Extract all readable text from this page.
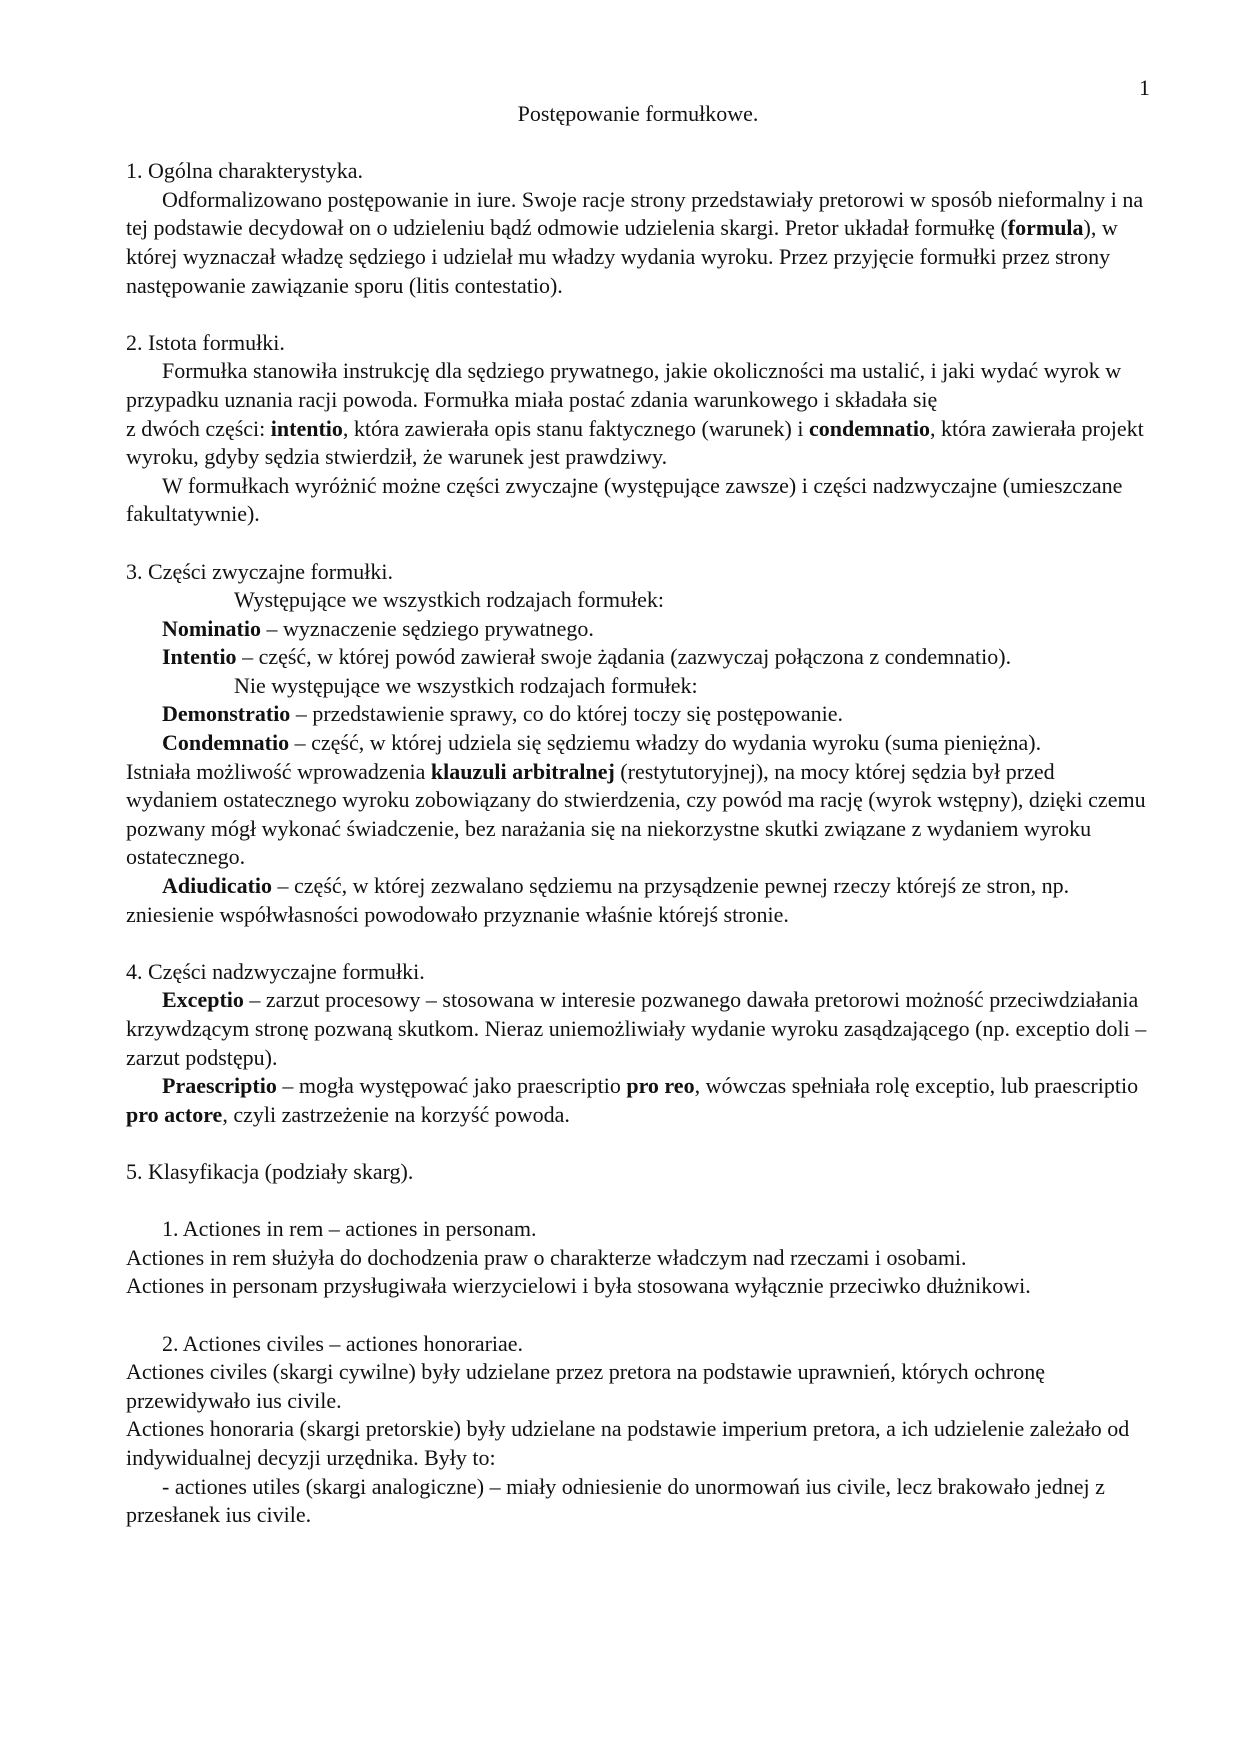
1

Postępowanie formułkowe.

1. Ogólna charakterystyka.

Odformalizowano postępowanie in iure. Swoje racje strony przedstawiały pretorowi w sposób nieformalny i na tej podstawie decydował on o udzieleniu bądź odmowie udzielenia skargi. Pretor układał formułkę (formula), w której wyznaczał władzę sędziego i udzielał mu władzy wydania wyroku. Przez przyjęcie formułki przez strony następowanie zawiązanie sporu (litis contestatio).

2. Istota formułki.

Formułka stanowiła instrukcję dla sędziego prywatnego, jakie okoliczności ma ustalić, i jaki wydać wyrok w przypadku uznania racji powoda. Formułka miała postać zdania warunkowego i składała się

z dwóch części: intentio, która zawierała opis stanu faktycznego (warunek) i condemnatio, która zawierała projekt wyroku, gdyby sędzia stwierdził, że warunek jest prawdziwy.

W formułkach wyróżnić możne części zwyczajne (występujące zawsze) i części nadzwyczajne (umieszczane fakultatywnie).

3. Części zwyczajne formułki.

Występujące we wszystkich rodzajach formułek:

Nominatio – wyznaczenie sędziego prywatnego.

Intentio – część, w której powód zawierał swoje żądania (zazwyczaj połączona z condemnatio).

Nie występujące we wszystkich rodzajach formułek:

Demonstratio – przedstawienie sprawy, co do której toczy się postępowanie.

Condemnatio – część, w której udziela się sędziemu władzy do wydania wyroku (suma pieniężna).

Istniała możliwość wprowadzenia klauzuli arbitralnej (restytutoryjnej), na mocy której sędzia był przed wydaniem ostatecznego wyroku zobowiązany do stwierdzenia, czy powód ma rację (wyrok wstępny), dzięki czemu pozwany mógł wykonać świadczenie, bez narażania się na niekorzystne skutki związane z wydaniem wyroku ostatecznego.

Adiudicatio – część, w której zezwalano sędziemu na przysądzenie pewnej rzeczy którejś ze stron, np. zniesienie współwłasności powodowało przyznanie właśnie którejś stronie.

4. Części nadzwyczajne formułki.

Exceptio – zarzut procesowy – stosowana w interesie pozwanego dawała pretorowi możność przeciwdziałania krzywdzącym stronę pozwaną skutkom. Nieraz uniemożliwiały wydanie wyroku zasądzającego (np. exceptio doli – zarzut podstępu).

Praescriptio – mogła występować jako praescriptio pro reo, wówczas spełniała rolę exceptio, lub praescriptio pro actore, czyli zastrzeżenie na korzyść powoda.

5. Klasyfikacja (podziały skarg).

1. Actiones in rem – actiones in personam.

Actiones in rem służyła do dochodzenia praw o charakterze władczym nad rzeczami i osobami.

Actiones in personam przysługiwała wierzycielowi i była stosowana wyłącznie przeciwko dłużnikowi.

2. Actiones civiles – actiones honorariae.

Actiones civiles (skargi cywilne) były udzielane przez pretora na podstawie uprawnień, których ochronę przewidywało ius civile.

Actiones honoraria (skargi pretorskie) były udzielane na podstawie imperium pretora, a ich udzielenie zależało od indywidualnej decyzji urzędnika. Były to:

- actiones utiles (skargi analogiczne) – miały odniesienie do unormowań ius civile, lecz brakowało jednej z przesłanek ius civile.
